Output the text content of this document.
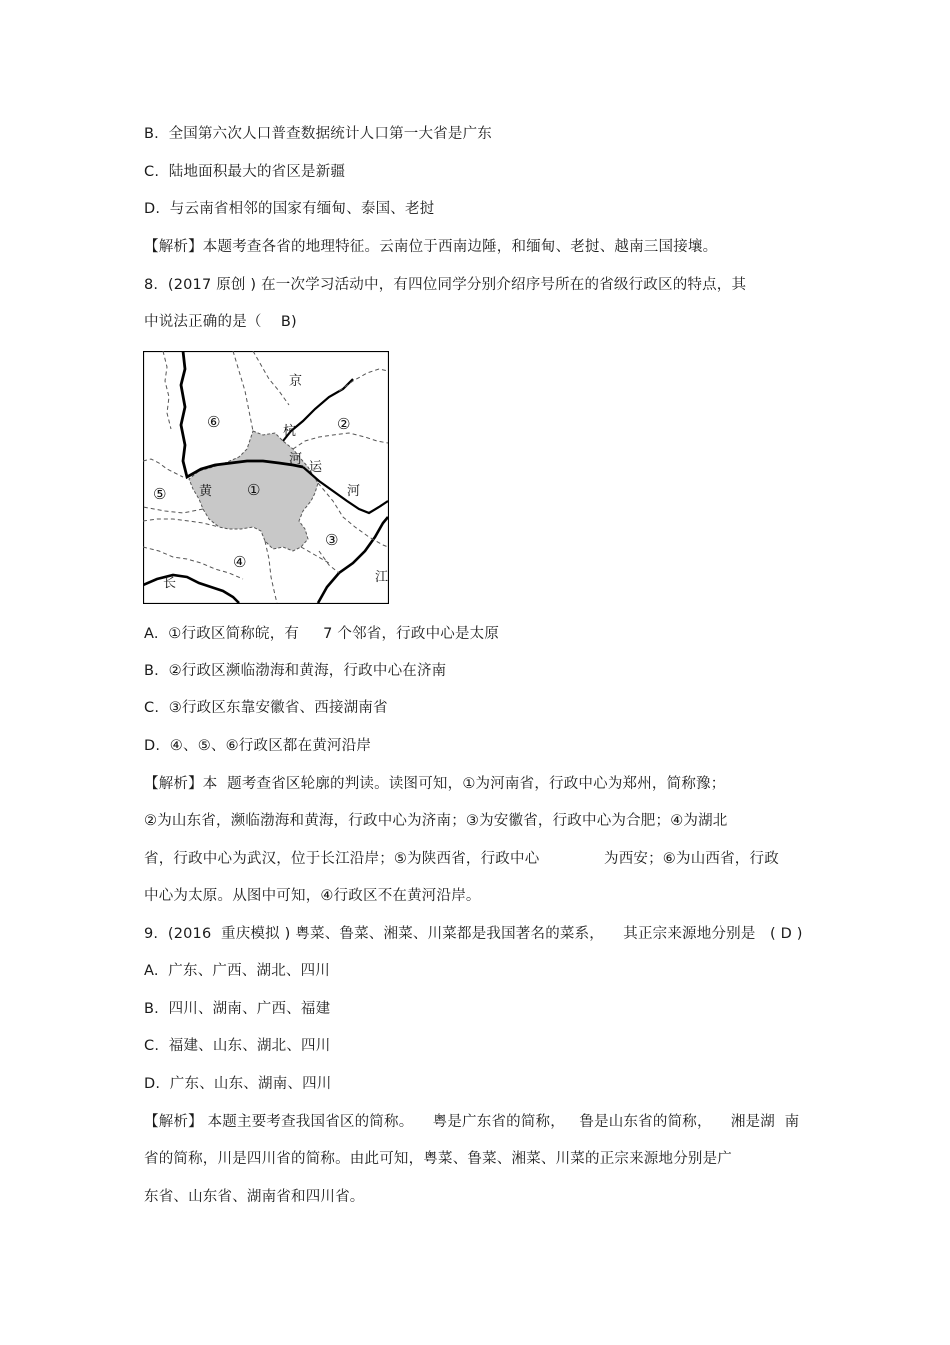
B.  全国第六次人口普查数据统计人口第一大省是广东
C.  陆地面积最大的省区是新疆
D.  与云南省相邻的国家有缅甸、泰国、老挝
【解析】本题考查各省的地理特征。云南位于西南边陲，和缅甸、老挝、越南三国接壤。
8.  (2017 原创 ) 在一次学习活动中，有四位同学分别介绍序号所在的省级行政区的特点，其
中说法正确的是（    B)
京
杭
河
运
河
黄
长	江
①
②
③
④
⑤
⑥
A.  ①行政区简称皖，有     7 个邻省，行政中心是太原
B.  ②行政区濒临渤海和黄海，行政中心在济南
C.  ③行政区东靠安徽省、西接湖南省
D.  ④、⑤、⑥行政区都在黄河沿岸
【解析】本  题考查省区轮廓的判读。读图可知，①为河南省，行政中心为郑州，简称豫；
②为山东省，濒临渤海和黄海，行政中心为济南；③为安徽省，行政中心为合肥；④为湖北
省，行政中心为武汉，位于长江沿岸；⑤为陕西省，行政中心	为西安；⑥为山西省，行政
中心为太原。从图中可知，④行政区不在黄河沿岸。
9.  (2016  重庆模拟 ) 粤菜、鲁菜、湘菜、川菜都是我国著名的菜系，    其正宗来源地分别是   ( D )
A.  广东、广西、湖北、四川
B.  四川、湖南、广西、福建
C.  福建、山东、湖北、四川
D.  广东、山东、湖南、四川
【解析】 本题主要考查我国省区的简称。    粤是广东省的简称，   鲁是山东省的简称，    湘是湖  南
省的简称，川是四川省的简称。由此可知，粤菜、鲁菜、湘菜、川菜的正宗来源地分别是广
东省、山东省、湖南省和四川省。
